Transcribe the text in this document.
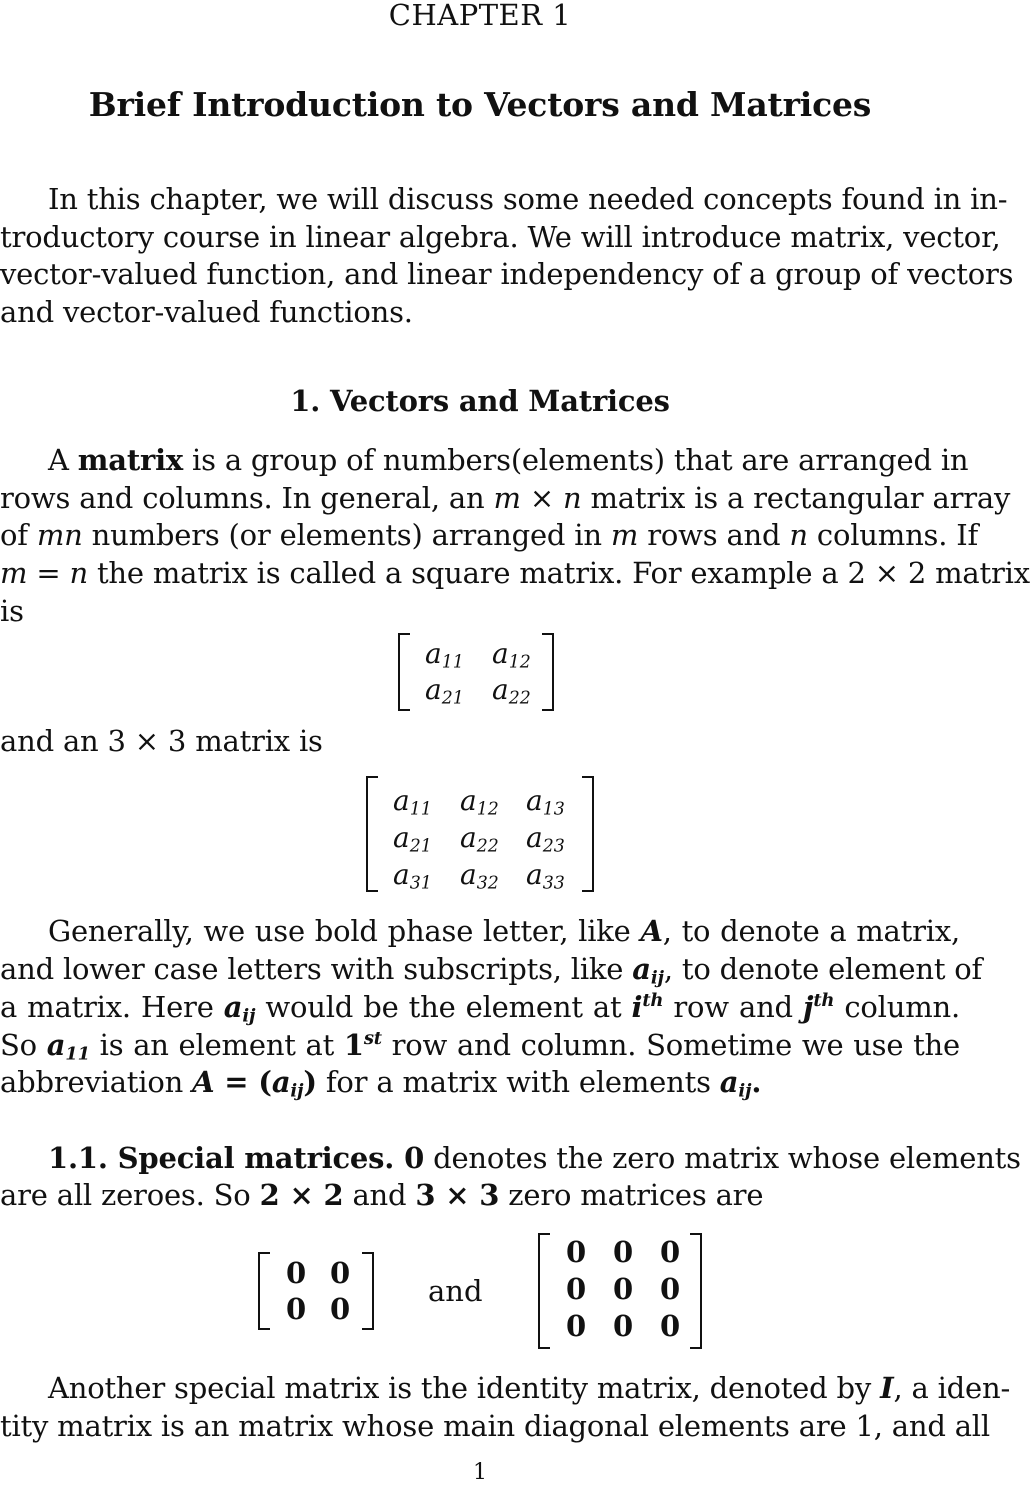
CHAPTER 1
Brief Introduction to Vectors and Matrices
In this chapter, we will discuss some needed concepts found in in-
troductory course in linear algebra. We will introduce matrix, vector,
vector-valued function, and linear independency of a group of vectors
and vector-valued functions.
1. Vectors and Matrices
A matrix is a group of numbers(elements) that are arranged in
rows and columns. In general, an m × n matrix is a rectangular array
of mn numbers (or elements) arranged in m rows and n columns. If
m = n the matrix is called a square matrix. For example a 2 × 2 matrix
is
$a_{11}$ $a_{12}$
$a_{21}$ $a_{22}$
and an 3 × 3 matrix is
$a_{11}$ $a_{12}$ $a_{13}$
$a_{21}$ $a_{22}$ $a_{23}$
$a_{31}$ $a_{32}$ $a_{33}$
Generally, we use bold phase letter, like A, to denote a matrix,
and lower case letters with subscripts, like $a_{ij}$, to denote element of
a matrix. Here $a_{ij}$ would be the element at $i^{th}$ row and $j^{th}$ column.
So $a_{11}$ is an element at 1st row and column. Sometime we use the
abbreviation $A = (a_{ij})$ for a matrix with elements $a_{ij}$.
1.1. Special matrices. 0 denotes the zero matrix whose elements
are all zeroes. So 2 × 2 and 3 × 3 zero matrices are
0 0
0 0
and
0 0 0
0 0 0
0 0 0
Another special matrix is the identity matrix, denoted by I, a iden-
tity matrix is an matrix whose main diagonal elements are 1, and all
1
